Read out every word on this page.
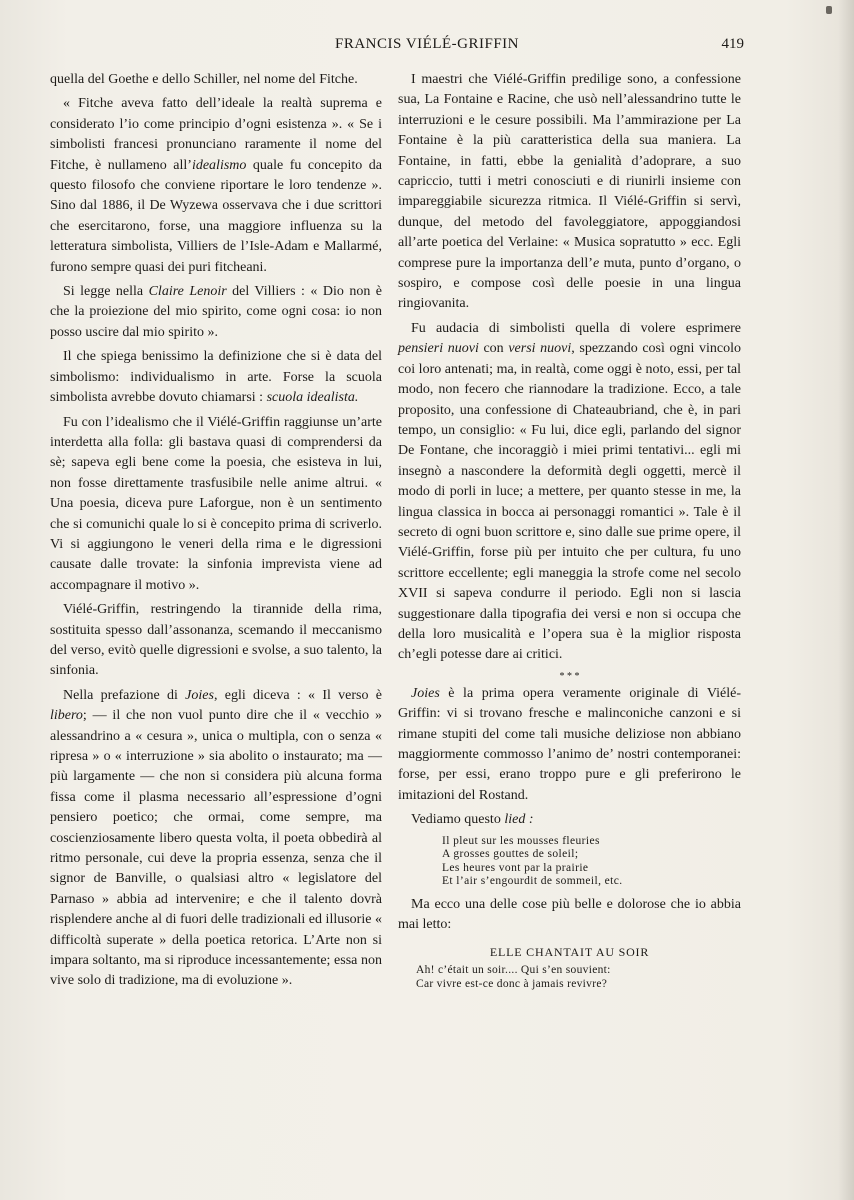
FRANCIS VIÉLÉ-GRIFFIN	419

quella del Goethe e dello Schiller, nel nome del Fitche.

« Fitche aveva fatto dell’ideale la realtà suprema e considerato l’io come principio d’ogni esistenza ». « Se i simbolisti francesi pronunciano raramente il nome del Fitche, è nullameno all’idealismo quale fu concepito da questo filosofo che conviene riportare le loro tendenze ». Sino dal 1886, il De Wyzewa osservava che i due scrittori che esercitarono, forse, una maggiore influenza su la letteratura simbolista, Villiers de l’Isle-Adam e Mallarmé, furono sempre quasi dei puri fitcheani.

Si legge nella Claire Lenoir del Villiers : « Dio non è che la proiezione del mio spirito, come ogni cosa: io non posso uscire dal mio spirito ».

Il che spiega benissimo la definizione che si è data del simbolismo: individualismo in arte. Forse la scuola simbolista avrebbe dovuto chiamarsi : scuola idealista.

Fu con l’idealismo che il Viélé-Griffin raggiunse un’arte interdetta alla folla: gli bastava quasi di comprendersi da sè; sapeva egli bene come la poesia, che esisteva in lui, non fosse direttamente trasfusibile nelle anime altrui. « Una poesia, diceva pure Laforgue, non è un sentimento che si comunichi quale lo si è concepito prima di scriverlo. Vi si aggiungono le veneri della rima e le digressioni causate dalle trovate: la sinfonia imprevista viene ad accompagnare il motivo ».

Viélé-Griffin, restringendo la tirannide della rima, sostituita spesso dall’assonanza, scemando il meccanismo del verso, evitò quelle digressioni e svolse, a suo talento, la sinfonia.

Nella prefazione di Joies, egli diceva : « Il verso è libero; — il che non vuol punto dire che il « vecchio » alessandrino a « cesura », unica o multipla, con o senza « ripresa » o « interruzione » sia abolito o instaurato; ma — più largamente — che non si considera più alcuna forma fissa come il plasma necessario all’espressione d’ogni pensiero poetico; che ormai, come sempre, ma coscienziosamente libero questa volta, il poeta obbedirà al ritmo personale, cui deve la propria essenza, senza che il signor de Banville, o qualsiasi altro « legislatore del Parnaso » abbia ad intervenire; e che il talento dovrà risplendere anche al di fuori delle tradizionali ed illusorie « difficoltà superate » della poetica retorica. L’Arte non si impara soltanto, ma si riproduce incessantemente; essa non vive solo di tradizione, ma di evoluzione ».

I maestri che Viélé-Griffin predilige sono, a confessione sua, La Fontaine e Racine, che usò nell’alessandrino tutte le interruzioni e le cesure possibili. Ma l’ammirazione per La Fontaine è la più caratteristica della sua maniera. La Fontaine, in fatti, ebbe la genialità d’adoprare, a suo capriccio, tutti i metri conosciuti e di riunirli insieme con impareggiabile sicurezza ritmica. Il Viélé-Griffin si servì, dunque, del metodo del favoleggiatore, appoggiandosi all’arte poetica del Verlaine: « Musica sopratutto » ecc. Egli comprese pure la importanza dell’e muta, punto d’organo, o sospiro, e compose così delle poesie in una lingua ringiovanita.

Fu audacia di simbolisti quella di volere esprimere pensieri nuovi con versi nuovi, spezzando così ogni vincolo coi loro antenati; ma, in realtà, come oggi è noto, essi, per tal modo, non fecero che riannodare la tradizione. Ecco, a tale proposito, una confessione di Chateaubriand, che è, in pari tempo, un consiglio: « Fu lui, dice egli, parlando del signor De Fontane, che incoraggiò i miei primi tentativi... egli mi insegnò a nascondere la deformità degli oggetti, mercè il modo di porli in luce; a mettere, per quanto stesse in me, la lingua classica in bocca ai personaggi romantici ». Tale è il secreto di ogni buon scrittore e, sino dalle sue prime opere, il Viélé-Griffin, forse più per intuito che per cultura, fu uno scrittore eccellente; egli maneggia la strofe come nel secolo XVII si sapeva condurre il periodo. Egli non si lascia suggestionare dalla tipografia dei versi e non si occupa che della loro musicalità e l’opera sua è la miglior risposta ch’egli potesse dare ai critici.

* * *

Joies è la prima opera veramente originale di Viélé-Griffin: vi si trovano fresche e malinconiche canzoni e si rimane stupiti del come tali musiche deliziose non abbiano maggiormente commosso l’animo de’ nostri contemporanei: forse, per essi, erano troppo pure e gli preferirono le imitazioni del Rostand.

Vediamo questo lied :

Il pleut sur les mousses fleuries
A grosses gouttes de soleil;
Les heures vont par la prairie
Et l’air s’engourdit de sommeil, etc.

Ma ecco una delle cose più belle e dolorose che io abbia mai letto:

ELLE CHANTAIT AU SOIR
Ah! c’était un soir.... Qui s’en souvient:
Car vivre est-ce donc à jamais revivre?
